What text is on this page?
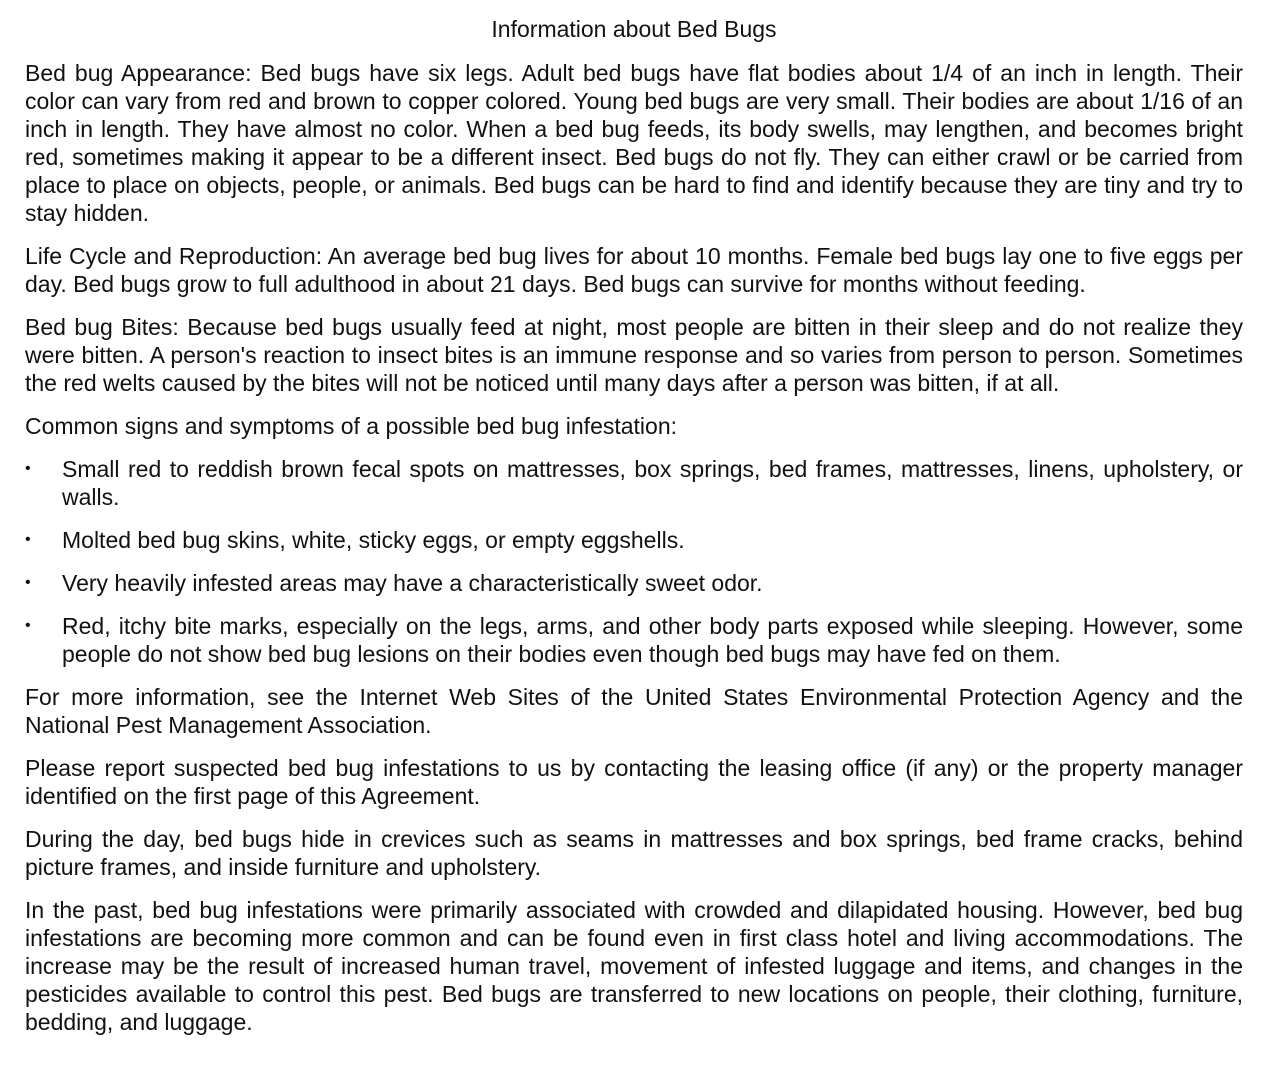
Information about Bed Bugs

Bed bug Appearance: Bed bugs have six legs. Adult bed bugs have flat bodies about 1/4 of an inch in length. Their color can vary from red and brown to copper colored. Young bed bugs are very small. Their bodies are about 1/16 of an inch in length. They have almost no color. When a bed bug feeds, its body swells, may lengthen, and becomes bright red, sometimes making it appear to be a different insect. Bed bugs do not fly. They can either crawl or be carried from place to place on objects, people, or animals. Bed bugs can be hard to find and identify because they are tiny and try to stay hidden.

Life Cycle and Reproduction: An average bed bug lives for about 10 months. Female bed bugs lay one to five eggs per day. Bed bugs grow to full adulthood in about 21 days. Bed bugs can survive for months without feeding.

Bed bug Bites: Because bed bugs usually feed at night, most people are bitten in their sleep and do not realize they were bitten. A person's reaction to insect bites is an immune response and so varies from person to person. Sometimes the red welts caused by the bites will not be noticed until many days after a person was bitten, if at all.

Common signs and symptoms of a possible bed bug infestation:

• Small red to reddish brown fecal spots on mattresses, box springs, bed frames, mattresses, linens, upholstery, or walls.
• Molted bed bug skins, white, sticky eggs, or empty eggshells.
• Very heavily infested areas may have a characteristically sweet odor.
• Red, itchy bite marks, especially on the legs, arms, and other body parts exposed while sleeping. However, some people do not show bed bug lesions on their bodies even though bed bugs may have fed on them.

For more information, see the Internet Web Sites of the United States Environmental Protection Agency and the National Pest Management Association.

Please report suspected bed bug infestations to us by contacting the leasing office (if any) or the property manager identified on the first page of this Agreement.

During the day, bed bugs hide in crevices such as seams in mattresses and box springs, bed frame cracks, behind picture frames, and inside furniture and upholstery.

In the past, bed bug infestations were primarily associated with crowded and dilapidated housing. However, bed bug infestations are becoming more common and can be found even in first class hotel and living accommodations. The increase may be the result of increased human travel, movement of infested luggage and items, and changes in the pesticides available to control this pest. Bed bugs are transferred to new locations on people, their clothing, furniture, bedding, and luggage.
